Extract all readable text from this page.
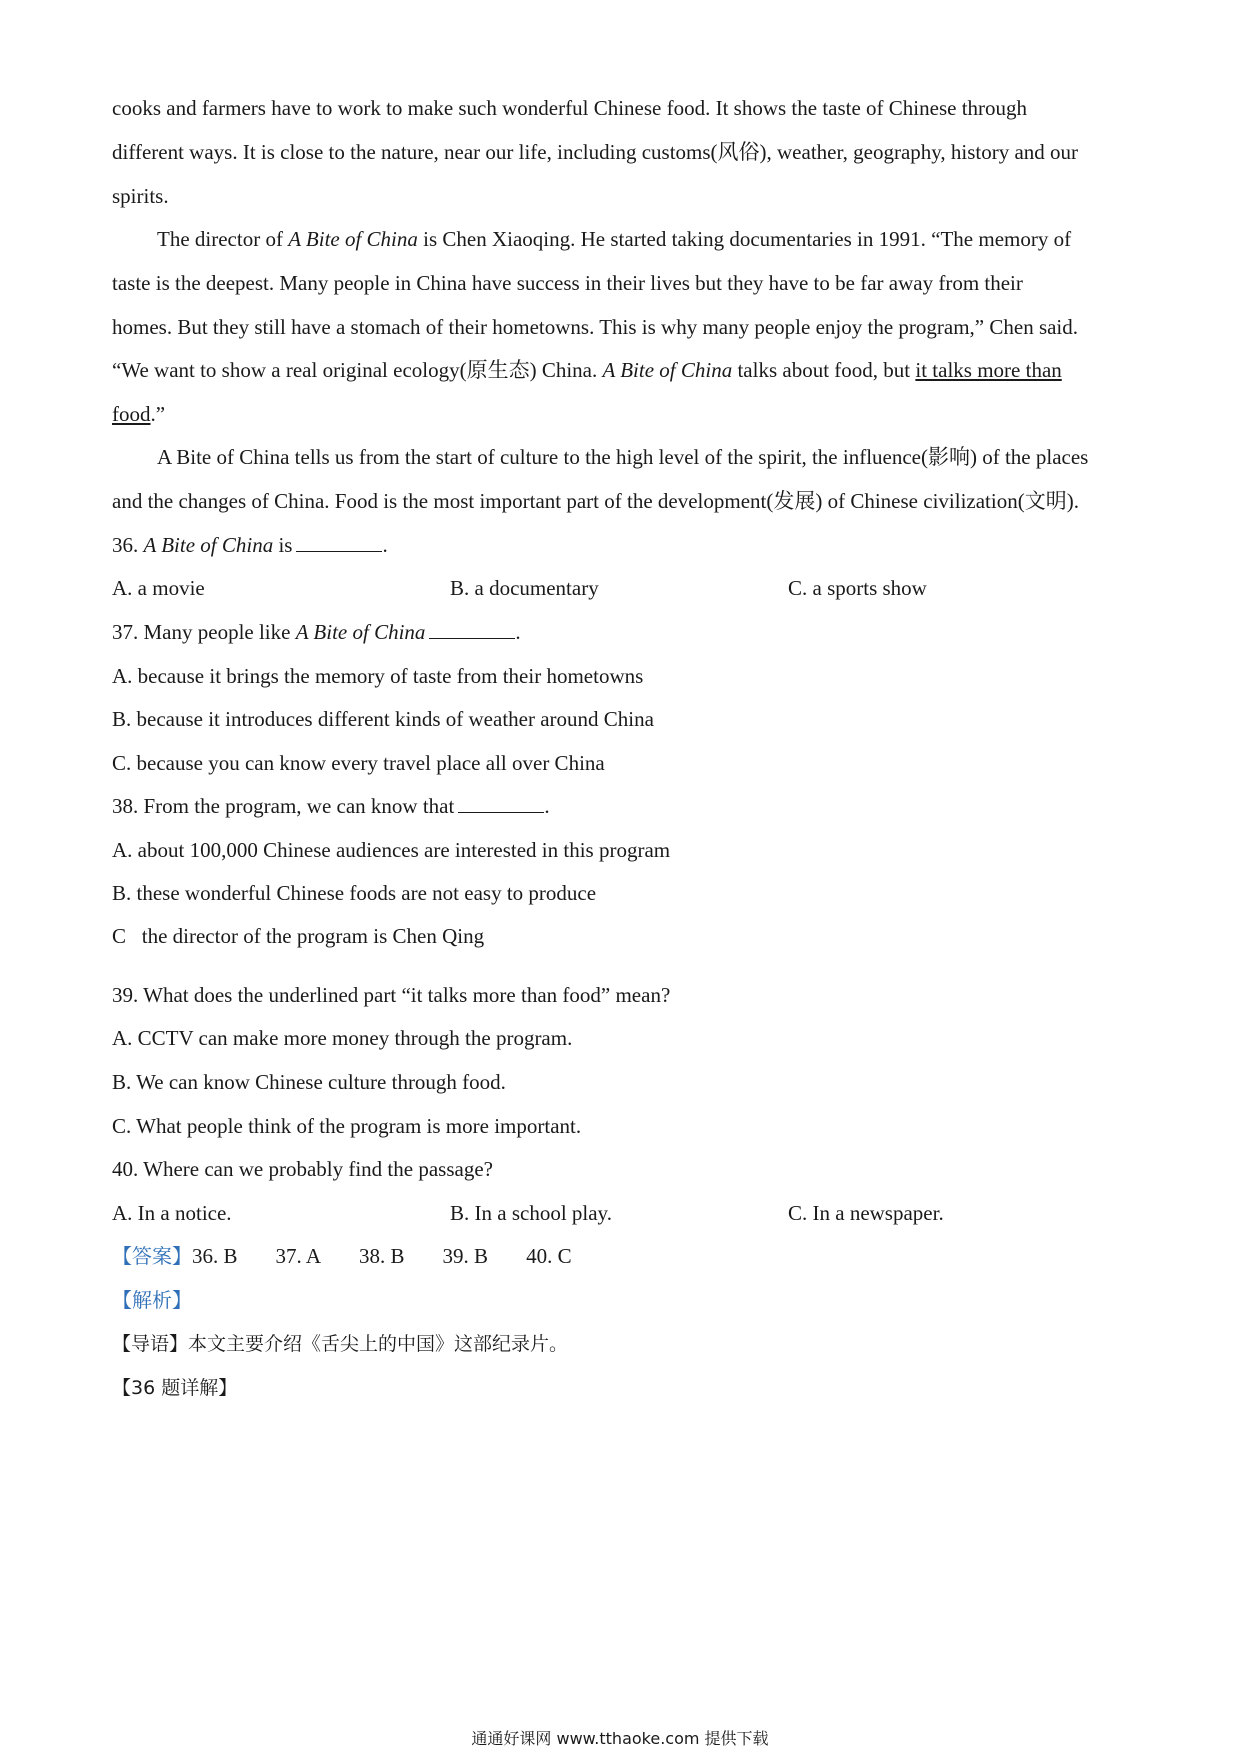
cooks and farmers have to work to make such wonderful Chinese food. It shows the taste of Chinese through
different ways. It is close to the nature, near our life, including customs(风俗), weather, geography, history and our
spirits.
The director of A Bite of China is Chen Xiaoqing. He started taking documentaries in 1991. “The memory of
taste is the deepest. Many people in China have success in their lives but they have to be far away from their
homes. But they still have a stomach of their hometowns. This is why many people enjoy the program,” Chen said.
“We want to show a real original ecology(原生态) China. A Bite of China talks about food, but it talks more than
food.”
A Bite of China tells us from the start of culture to the high level of the spirit, the influence(影响) of the places
and the changes of China. Food is the most important part of the development(发展) of Chinese civilization(文明).
36. A Bite of China is	.
A. a movie	B. a documentary	C. a sports show
37. Many people like A Bite of China	.
A. because it brings the memory of taste from their hometowns
B. because it introduces different kinds of weather around China
C. because you can know every travel place all over China
38. From the program, we can know that	.
A. about 100,000 Chinese audiences are interested in this program
B. these wonderful Chinese foods are not easy to produce
C   the director of the program is Chen Qing
39. What does the underlined part “it talks more than food” mean?
A. CCTV can make more money through the program.
B. We can know Chinese culture through food.
C. What people think of the program is more important.
40. Where can we probably find the passage?
A. In a notice.	B. In a school play.	C. In a newspaper.
【答案】36. B 37. A 38. B 39. B 40. C
【解析】
【导语】本文主要介绍《舌尖上的中国》这部纪录片。
【36 题详解】
通通好课网 www.tthaoke.com 提供下载
